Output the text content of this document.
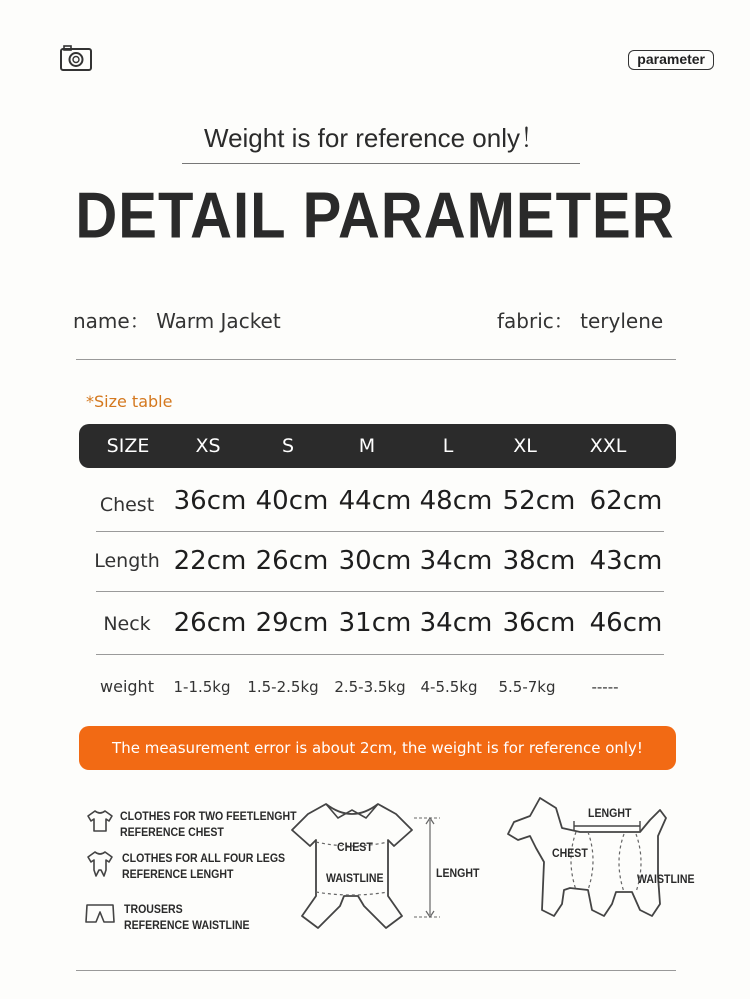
parameter
Weight is for reference only！
DETAIL PARAMETER
name： Warm Jacket	fabric： terylene
*Size table
SIZE	XS	S	M	L	XL	XXL
Chest 36cm 40cm 44cm 48cm 52cm 62cm
Length 22cm 26cm 30cm 34cm 38cm 43cm
Neck 26cm 29cm 31cm 34cm 36cm 46cm
weight	1-1.5kg	1.5-2.5kg	2.5-3.5kg 4-5.5kg	5.5-7kg	-----
The measurement error is about 2cm, the weight is for reference only!
CLOTHES FOR TWO FEETLENGHT
REFERENCE CHEST
CLOTHES FOR ALL FOUR LEGS
REFERENCE LENGHT
TROUSERS
REFERENCE WAISTLINE
CHEST
WAISTLINE	LENGHT
LENGHT
CHEST
WAISTLINE
